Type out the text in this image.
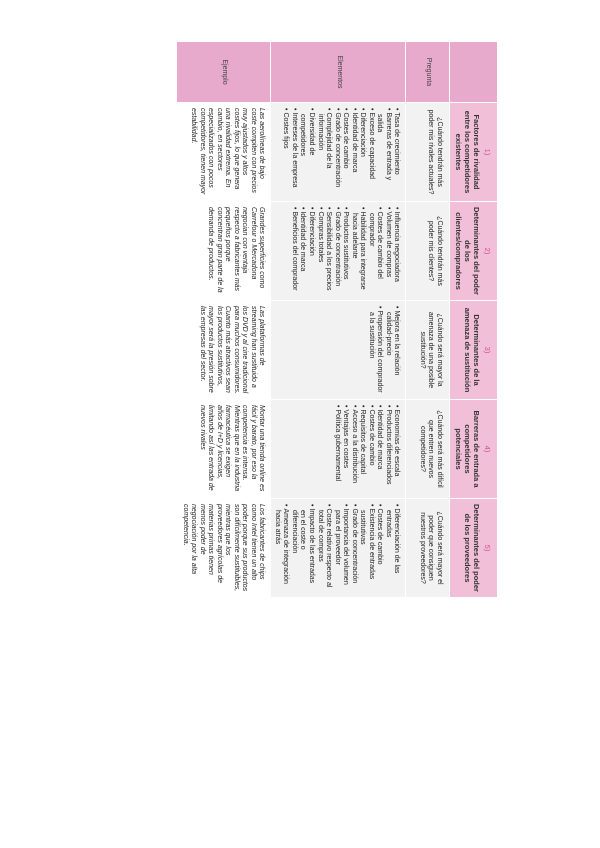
1)
Factores de rivalidad entre los competidores existentes
2)
Determinantes del poder de los clientes/compradores
3)
Determinantes de la amenaza de sustitución
4)
Barreras de entrada a competidores potenciales
5)
Determinantes del poder de los proveedores
Pregunta
¿Cuándo tendrán más poder mis rivales actuales?
¿Cuándo tendrán más poder mis clientes?
¿Cuándo será mayor la amenaza de una posible sustitución?
¿Cuándo será más difícil que entren nuevos competidores?
¿Cuándo será mayor el poder que consiguen nuestros proveedores?
Elementos
• Tasa de crecimiento
• Barreras de entrada y salida
• Exceso de capacidad
• Diferenciación
• Identidad de marca
• Costes de cambio
• Grado de concentración
• Complejidad de la información
• Diversidad de competidores
• Intereses de la empresa
• Costes fijos
• Influencia negociadora
• Volumen de compras
• Costes de cambio del comprador
• Habilidad para integrarse hacia adelante
• Productos sustitutivos
• Grado de concentración
• Sensibilidad a los precios
• Compras totales
• Diferenciación
• Identidad de marca
• Beneficios del comprador
• Mejora en la relación calidad-precio
• Propensión del comprador a la sustitución
• Economías de escala
• Productos diferenciados
• Identidad de marca
• Costes de cambio
• Requisitos de capital
• Acceso a la distribución
• Ventajas en costes
• Política gubernamental
• Diferenciación de las entradas
• Costes de cambio
• Existencia de entradas sustitutivas
• Grado de concentración
• Importancia del volumen para el proveedor
• Coste relativo respecto al total de compras
• Impacto de las entradas en el coste o diferenciación
• Amenaza de integración hacia atrás
Ejemplo

Las aerolíneas de bajo coste compiten con precios muy ajustados y altos costes fijos, lo que genera una rivalidad extrema. En cambio, en sectores especializados con pocos competidores, tienen mayor estabilidad.

Grandes superficies como Carrefour o Mercadona negocian con ventaja respecto a fabricantes más pequeños porque concentran gran parte de la demanda de productos.

Las plataformas de streaming han sustituido a los DVD y al cine tradicional para muchos consumidores. Cuanto más atractivos sean los productos sustitutivos, mayor será la presión sobre las empresas del sector.

Montar una tienda online es fácil y barato, por eso la competencia es intensa. Mientras que en la industria farmacéutica se exigen años de I+D y licencias, limitando así las entrada de nuevos rivales

Los fabricantes de chips como Intel tienen un alto poder porque sus productos son difícilmente sustituibles, mientras que los proveedores agrícolas de materias primas tienen menos poder de negociación por la alta competencia.
